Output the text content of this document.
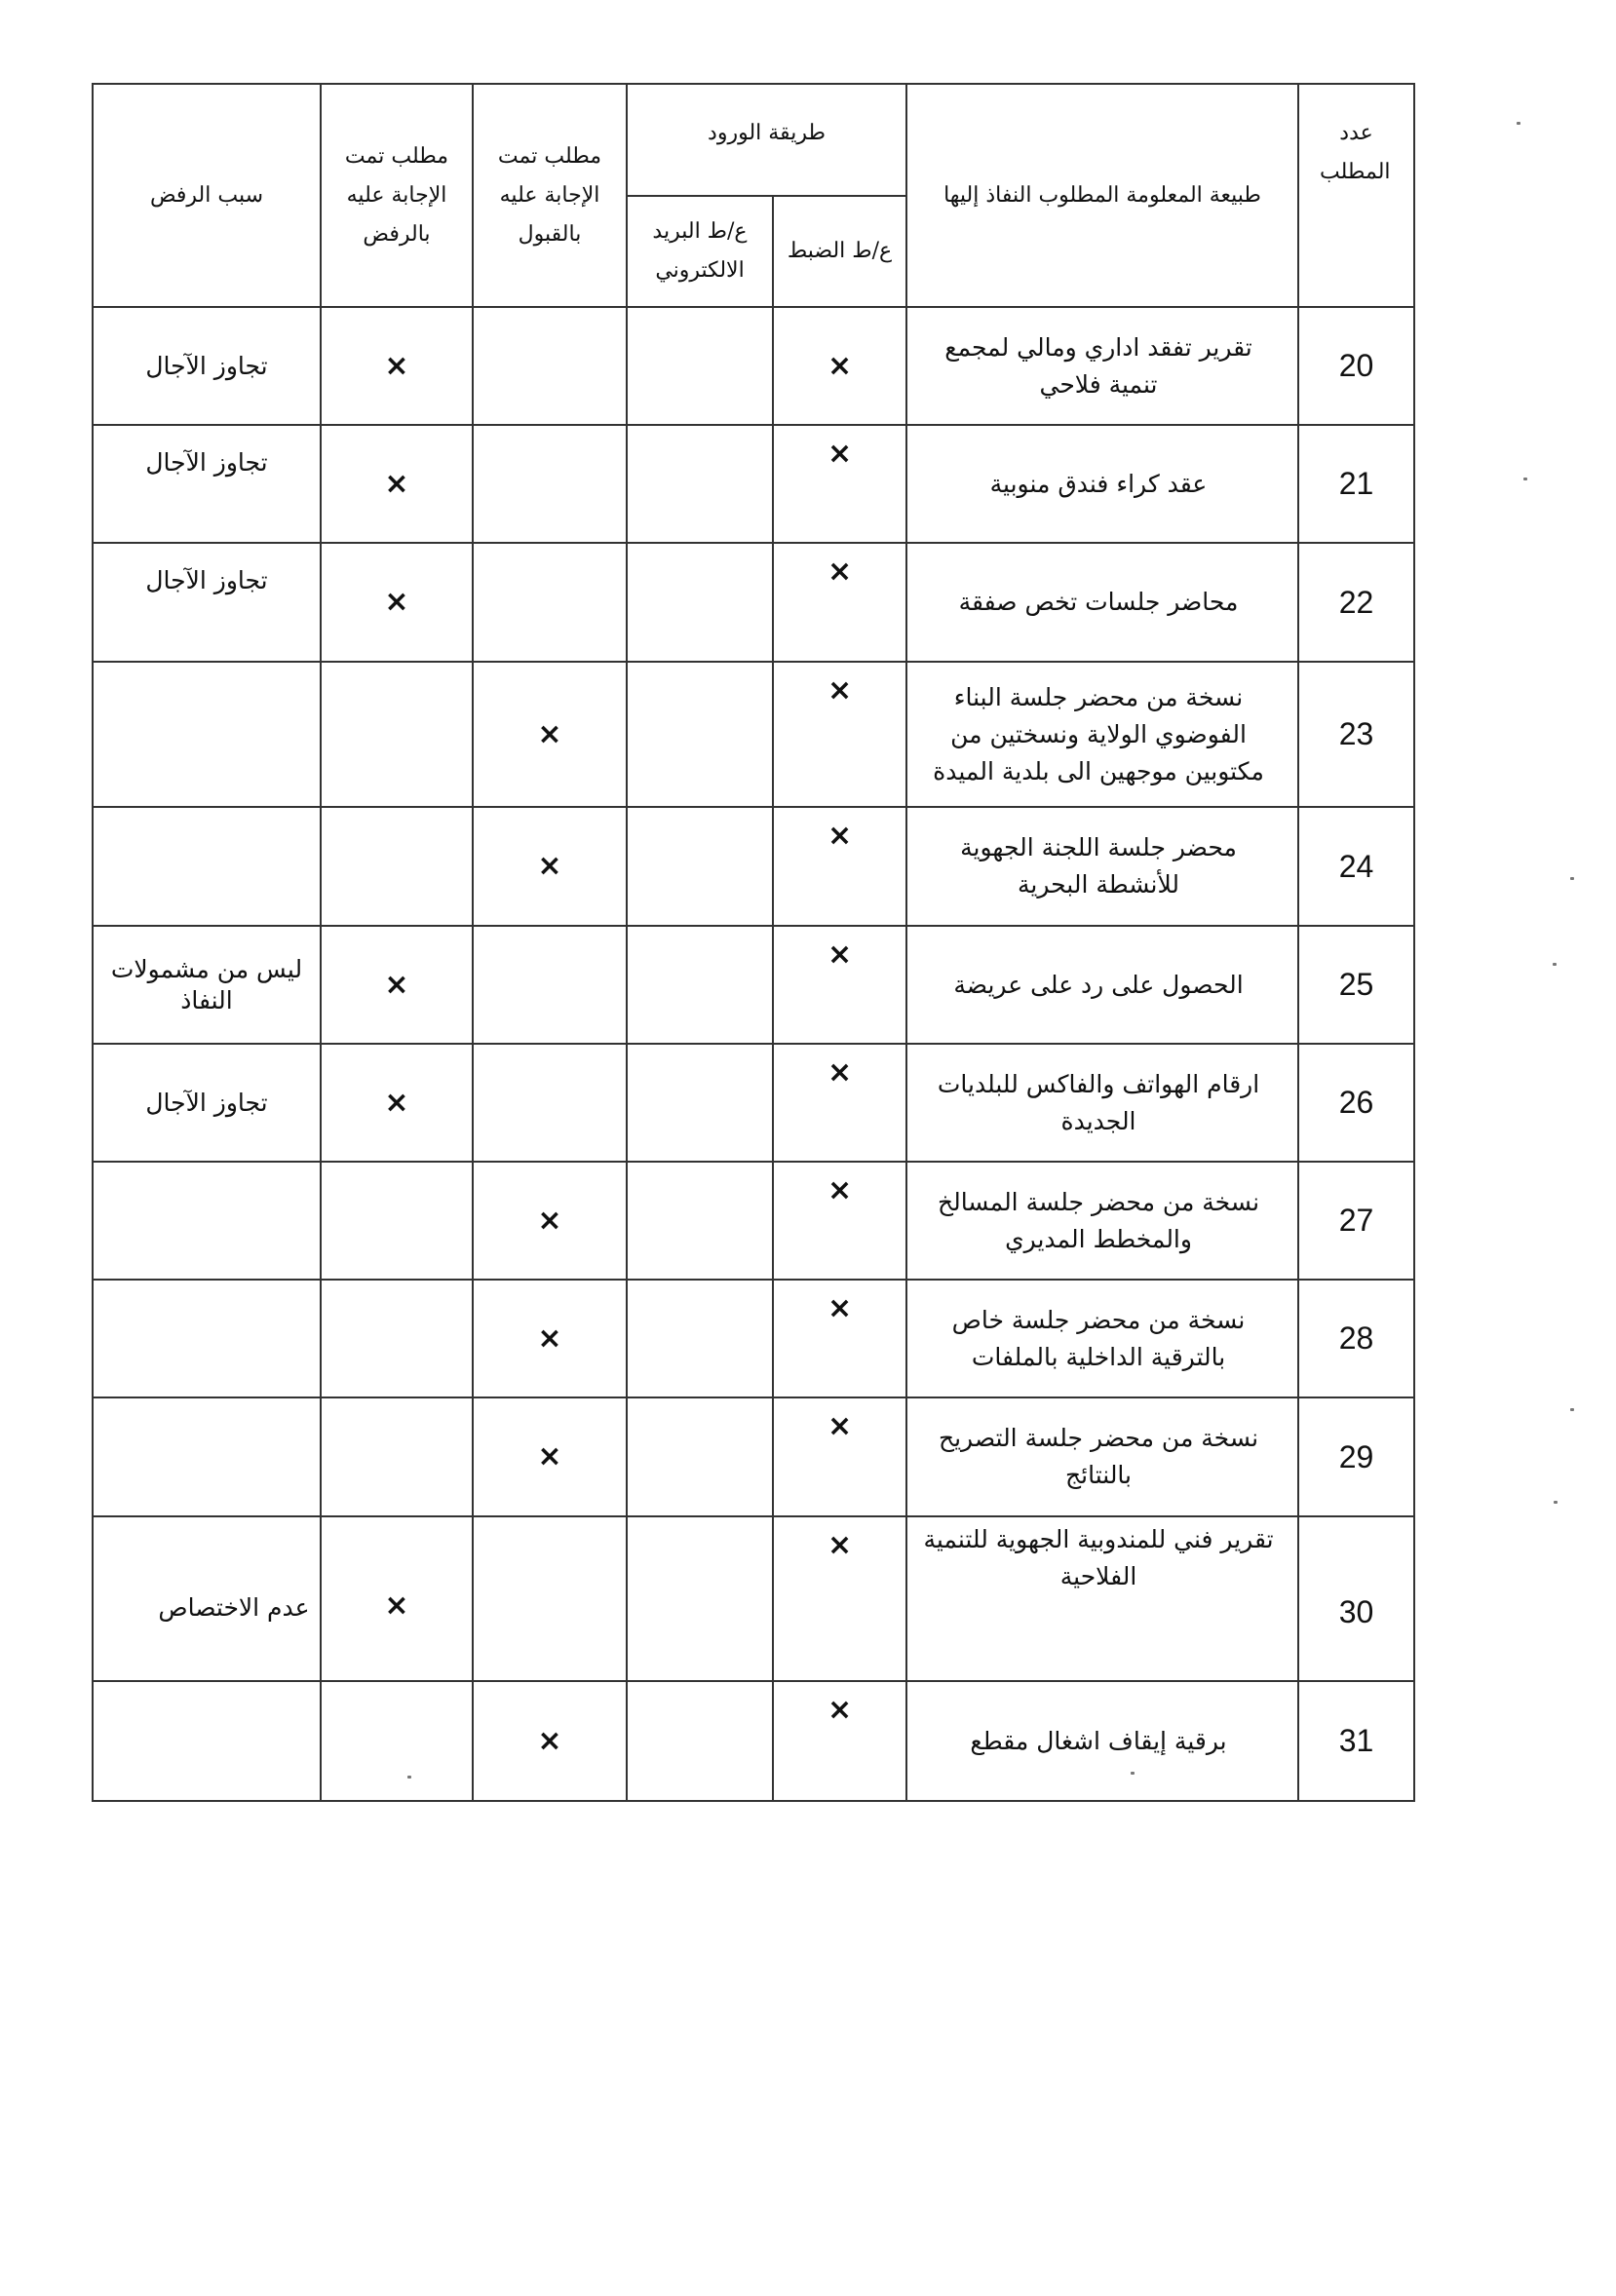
سبب الرفض	مطلب تمت الإجابة عليه بالرفض	مطلب تمت الإجابة عليه بالقبول	طريقة الورود		طبيعة المعلومة المطلوب النفاذ إليها	عدد المطلب
			ع/ط البريد الالكتروني	ع/ط الضبط		
تجاوز الآجال	×			×	تقرير تفقد اداري ومالي لمجمع تنمية فلاحي	20
تجاوز الآجال	×			×	عقد كراء فندق منوبية	21
تجاوز الآجال	×			×	محاضر جلسات تخص صفقة	22
		×		×	نسخة من محضر جلسة البناء الفوضوي الولاية ونسختين من مكتوبين موجهين الى بلدية الميدة	23
		×		×	محضر جلسة اللجنة الجهوية للأنشطة البحرية	24
ليس من مشمولات النفاذ	×			×	الحصول على رد على عريضة	25
تجاوز الآجال	×			×	ارقام الهواتف والفاكس للبلديات الجديدة	26
		×		×	نسخة من محضر جلسة المسالخ والمخطط المديري	27
		×		×	نسخة من محضر جلسة خاص بالترقية الداخلية بالملفات	28
		×		×	نسخة من محضر جلسة التصريح بالنتائج	29
عدم الاختصاص	×			×	تقرير فني للمندوبية الجهوية للتنمية الفلاحية	30
		×		×	برقية إيقاف اشغال مقطع	31
